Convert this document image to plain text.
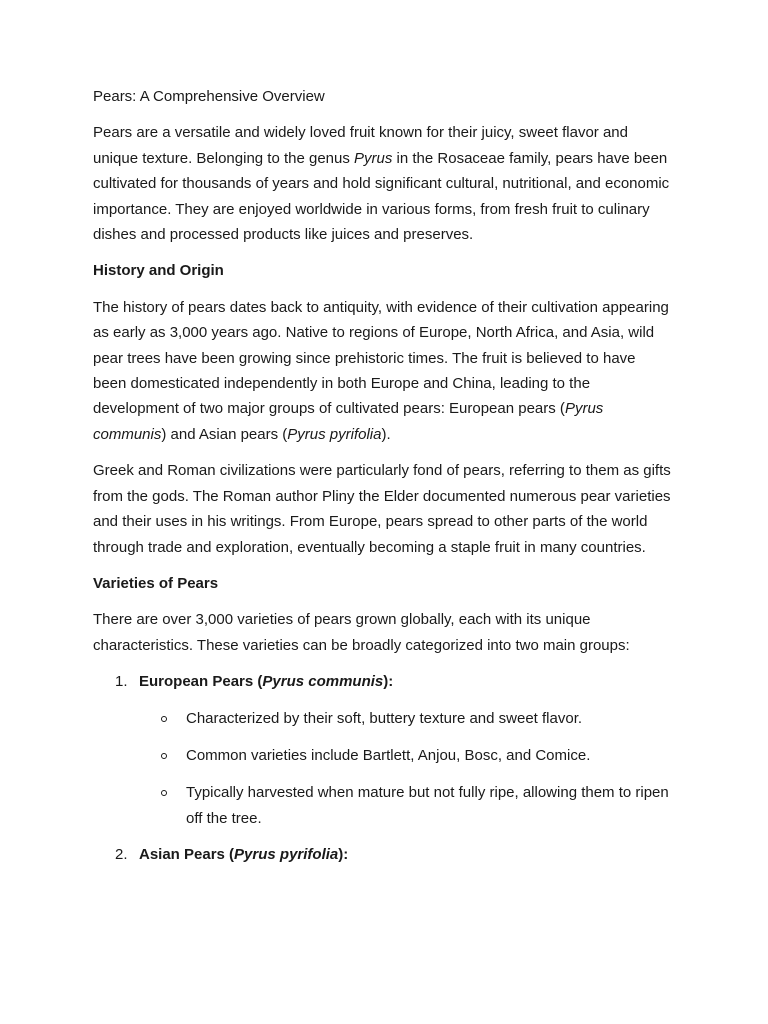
Pears: A Comprehensive Overview

Pears are a versatile and widely loved fruit known for their juicy, sweet flavor and unique texture. Belonging to the genus Pyrus in the Rosaceae family, pears have been cultivated for thousands of years and hold significant cultural, nutritional, and economic importance. They are enjoyed worldwide in various forms, from fresh fruit to culinary dishes and processed products like juices and preserves.

History and Origin

The history of pears dates back to antiquity, with evidence of their cultivation appearing as early as 3,000 years ago. Native to regions of Europe, North Africa, and Asia, wild pear trees have been growing since prehistoric times. The fruit is believed to have been domesticated independently in both Europe and China, leading to the development of two major groups of cultivated pears: European pears (Pyrus communis) and Asian pears (Pyrus pyrifolia).

Greek and Roman civilizations were particularly fond of pears, referring to them as gifts from the gods. The Roman author Pliny the Elder documented numerous pear varieties and their uses in his writings. From Europe, pears spread to other parts of the world through trade and exploration, eventually becoming a staple fruit in many countries.

Varieties of Pears

There are over 3,000 varieties of pears grown globally, each with its unique characteristics. These varieties can be broadly categorized into two main groups:

1. European Pears (Pyrus communis):
Characterized by their soft, buttery texture and sweet flavor.
Common varieties include Bartlett, Anjou, Bosc, and Comice.
Typically harvested when mature but not fully ripe, allowing them to ripen off the tree.
2. Asian Pears (Pyrus pyrifolia):
